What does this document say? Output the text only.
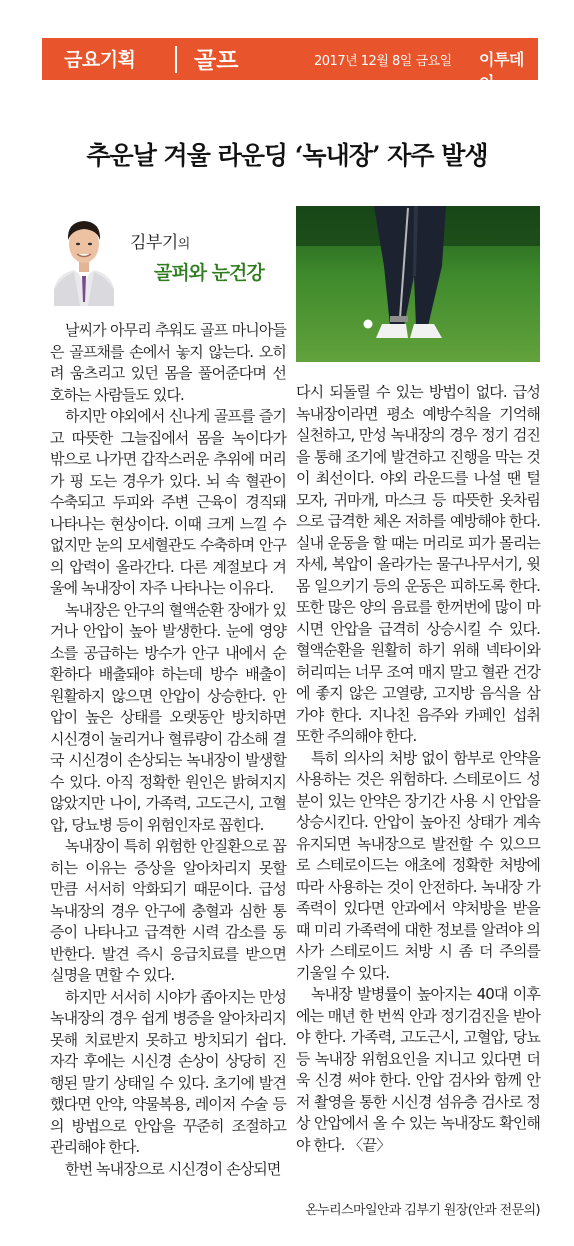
금요기획	골프	2017년 12월 8일 금요일 이투데이
추운날 겨울 라운딩 ‘녹내장’ 자주 발생
김부기의
골퍼와 눈건강

날씨가 아무리 추워도 골프 마니아들은 골프채를 손에서 놓지 않는다. 오히려 움츠리고 있던 몸을 풀어준다며 선호하는 사람들도 있다.

하지만 야외에서 신나게 골프를 즐기고 따뜻한 그늘집에서 몸을 녹이다가 밖으로 나가면 갑작스러운 추위에 머리가 핑 도는 경우가 있다. 뇌 속 혈관이 수축되고 두피와 주변 근육이 경직돼 나타나는 현상이다. 이때 크게 느낄 수 없지만 눈의 모세혈관도 수축하며 안구의 압력이 올라간다. 다른 계절보다 겨울에 녹내장이 자주 나타나는 이유다.

녹내장은 안구의 혈액순환 장애가 있거나 안압이 높아 발생한다. 눈에 영양소를 공급하는 방수가 안구 내에서 순환하다 배출돼야 하는데 방수 배출이 원활하지 않으면 안압이 상승한다. 안압이 높은 상태를 오랫동안 방치하면 시신경이 눌리거나 혈류량이 감소해 결국 시신경이 손상되는 녹내장이 발생할 수 있다. 아직 정확한 원인은 밝혀지지 않았지만 나이, 가족력, 고도근시, 고혈압, 당뇨병 등이 위험인자로 꼽힌다.

녹내장이 특히 위험한 안질환으로 꼽히는 이유는 증상을 알아차리지 못할 만큼 서서히 악화되기 때문이다. 급성 녹내장의 경우 안구에 충혈과 심한 통증이 나타나고 급격한 시력 감소를 동반한다. 발견 즉시 응급치료를 받으면 실명을 면할 수 있다.

하지만 서서히 시야가 좁아지는 만성 녹내장의 경우 쉽게 병증을 알아차리지 못해 치료받지 못하고 방치되기 쉽다. 자각 후에는 시신경 손상이 상당히 진행된 말기 상태일 수 있다. 초기에 발견했다면 안약, 약물복용, 레이저 수술 등의 방법으로 안압을 꾸준히 조절하고 관리해야 한다.

한번 녹내장으로 시신경이 손상되면

다시 되돌릴 수 있는 방법이 없다. 급성 녹내장이라면 평소 예방수칙을 기억해 실천하고, 만성 녹내장의 경우 정기 검진을 통해 조기에 발견하고 진행을 막는 것이 최선이다. 야외 라운드를 나설 땐 털모자, 귀마개, 마스크 등 따뜻한 옷차림으로 급격한 체온 저하를 예방해야 한다. 실내 운동을 할 때는 머리로 피가 몰리는 자세, 복압이 올라가는 물구나무서기, 윗몸 일으키기 등의 운동은 피하도록 한다. 또한 많은 양의 음료를 한꺼번에 많이 마시면 안압을 급격히 상승시킬 수 있다. 혈액순환을 원활히 하기 위해 넥타이와 허리띠는 너무 조여 매지 말고 혈관 건강에 좋지 않은 고열량, 고지방 음식을 삼가야 한다. 지나친 음주와 카페인 섭취 또한 주의해야 한다.

특히 의사의 처방 없이 함부로 안약을 사용하는 것은 위험하다. 스테로이드 성분이 있는 안약은 장기간 사용 시 안압을 상승시킨다. 안압이 높아진 상태가 계속 유지되면 녹내장으로 발전할 수 있으므로 스테로이드는 애초에 정확한 처방에 따라 사용하는 것이 안전하다. 녹내장 가족력이 있다면 안과에서 약처방을 받을 때 미리 가족력에 대한 정보를 알려야 의사가 스테로이드 처방 시 좀 더 주의를 기울일 수 있다.

녹내장 발병률이 높아지는 40대 이후에는 매년 한 번씩 안과 정기검진을 받아야 한다. 가족력, 고도근시, 고혈압, 당뇨 등 녹내장 위험요인을 지니고 있다면 더욱 신경 써야 한다. 안압 검사와 함께 안저 촬영을 통한 시신경 섬유층 검사로 정상 안압에서 올 수 있는 녹내장도 확인해야 한다. 〈끝〉

온누리스마일안과 김부기 원장(안과 전문의)
